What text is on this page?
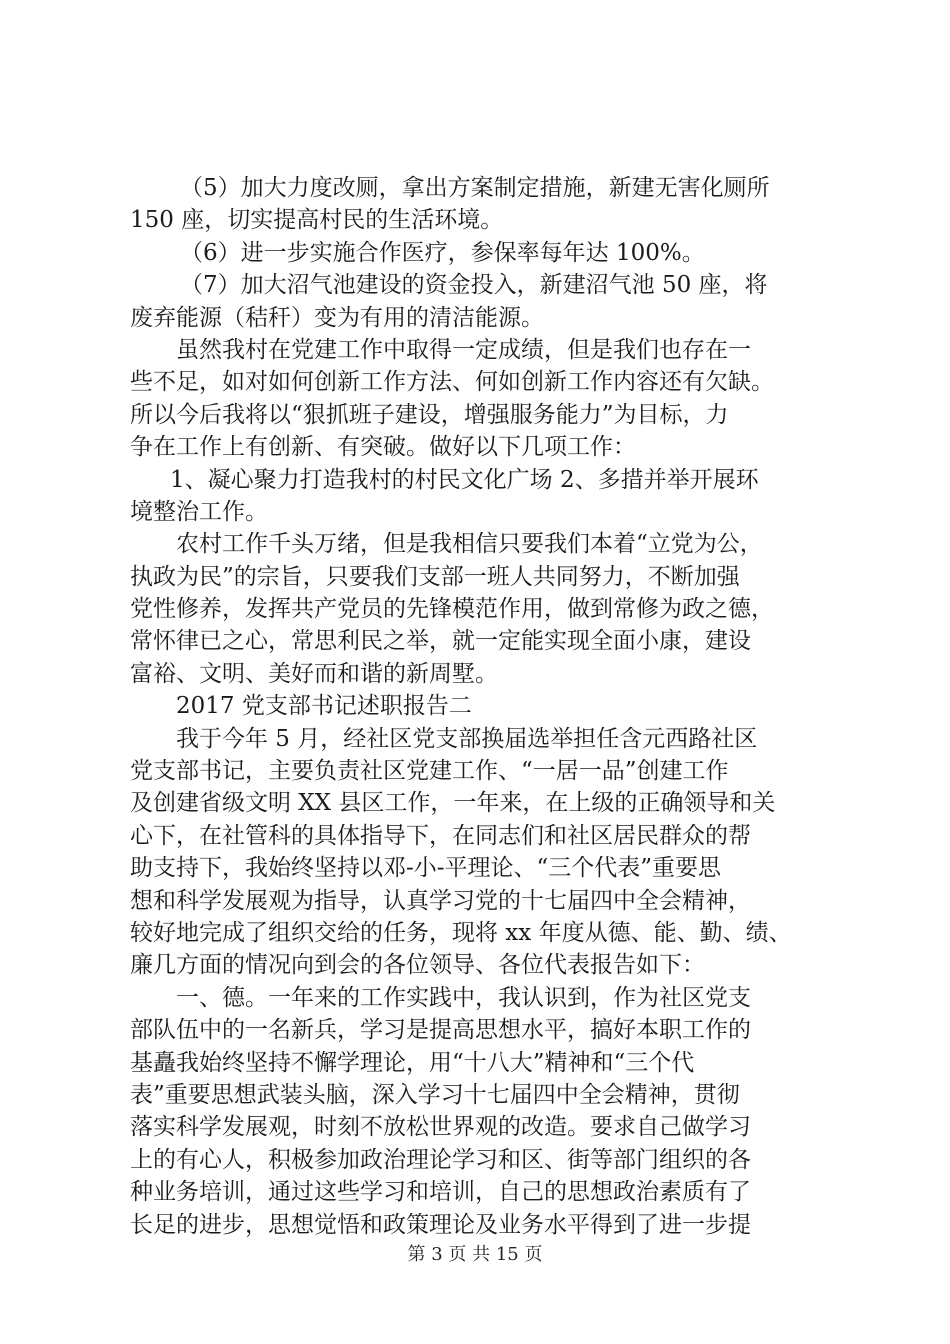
（5）加大力度改厕，拿出方案制定措施，新建无害化厕所
150 座，切实提高村民的生活环境。
（6）进一步实施合作医疗，参保率每年达 100%。
（7）加大沼气池建设的资金投入，新建沼气池 50 座，将
废弃能源（秸秆）变为有用的清洁能源。
虽然我村在党建工作中取得一定成绩，但是我们也存在一
些不足，如对如何创新工作方法、何如创新工作内容还有欠缺。
所以今后我将以“狠抓班子建设，增强服务能力”为目标，力
争在工作上有创新、有突破。做好以下几项工作：
1、凝心聚力打造我村的村民文化广场 2、多措并举开展环
境整治工作。
农村工作千头万绪，但是我相信只要我们本着“立党为公，
执政为民”的宗旨，只要我们支部一班人共同努力，不断加强
党性修养，发挥共产党员的先锋模范作用，做到常修为政之德，
常怀律已之心，常思利民之举，就一定能实现全面小康，建设
富裕、文明、美好而和谐的新周墅。
2017 党支部书记述职报告二
我于今年 5 月，经社区党支部换届选举担任含元西路社区
党支部书记，主要负责社区党建工作、“一居一品”创建工作
及创建省级文明 XX 县区工作，一年来，在上级的正确领导和关
心下，在社管科的具体指导下，在同志们和社区居民群众的帮
助支持下，我始终坚持以邓-小-平理论、“三个代表”重要思
想和科学发展观为指导，认真学习党的十七届四中全会精神，
较好地完成了组织交给的任务，现将 xx 年度从德、能、勤、绩、
廉几方面的情况向到会的各位领导、各位代表报告如下：
一、德。一年来的工作实践中，我认识到，作为社区党支
部队伍中的一名新兵，学习是提高思想水平，搞好本职工作的
基矗我始终坚持不懈学理论，用“十八大”精神和“三个代
表”重要思想武装头脑，深入学习十七届四中全会精神，贯彻
落实科学发展观，时刻不放松世界观的改造。要求自己做学习
上的有心人，积极参加政治理论学习和区、街等部门组织的各
种业务培训，通过这些学习和培训，自己的思想政治素质有了
长足的进步，思想觉悟和政策理论及业务水平得到了进一步提
第 3 页 共 15 页
